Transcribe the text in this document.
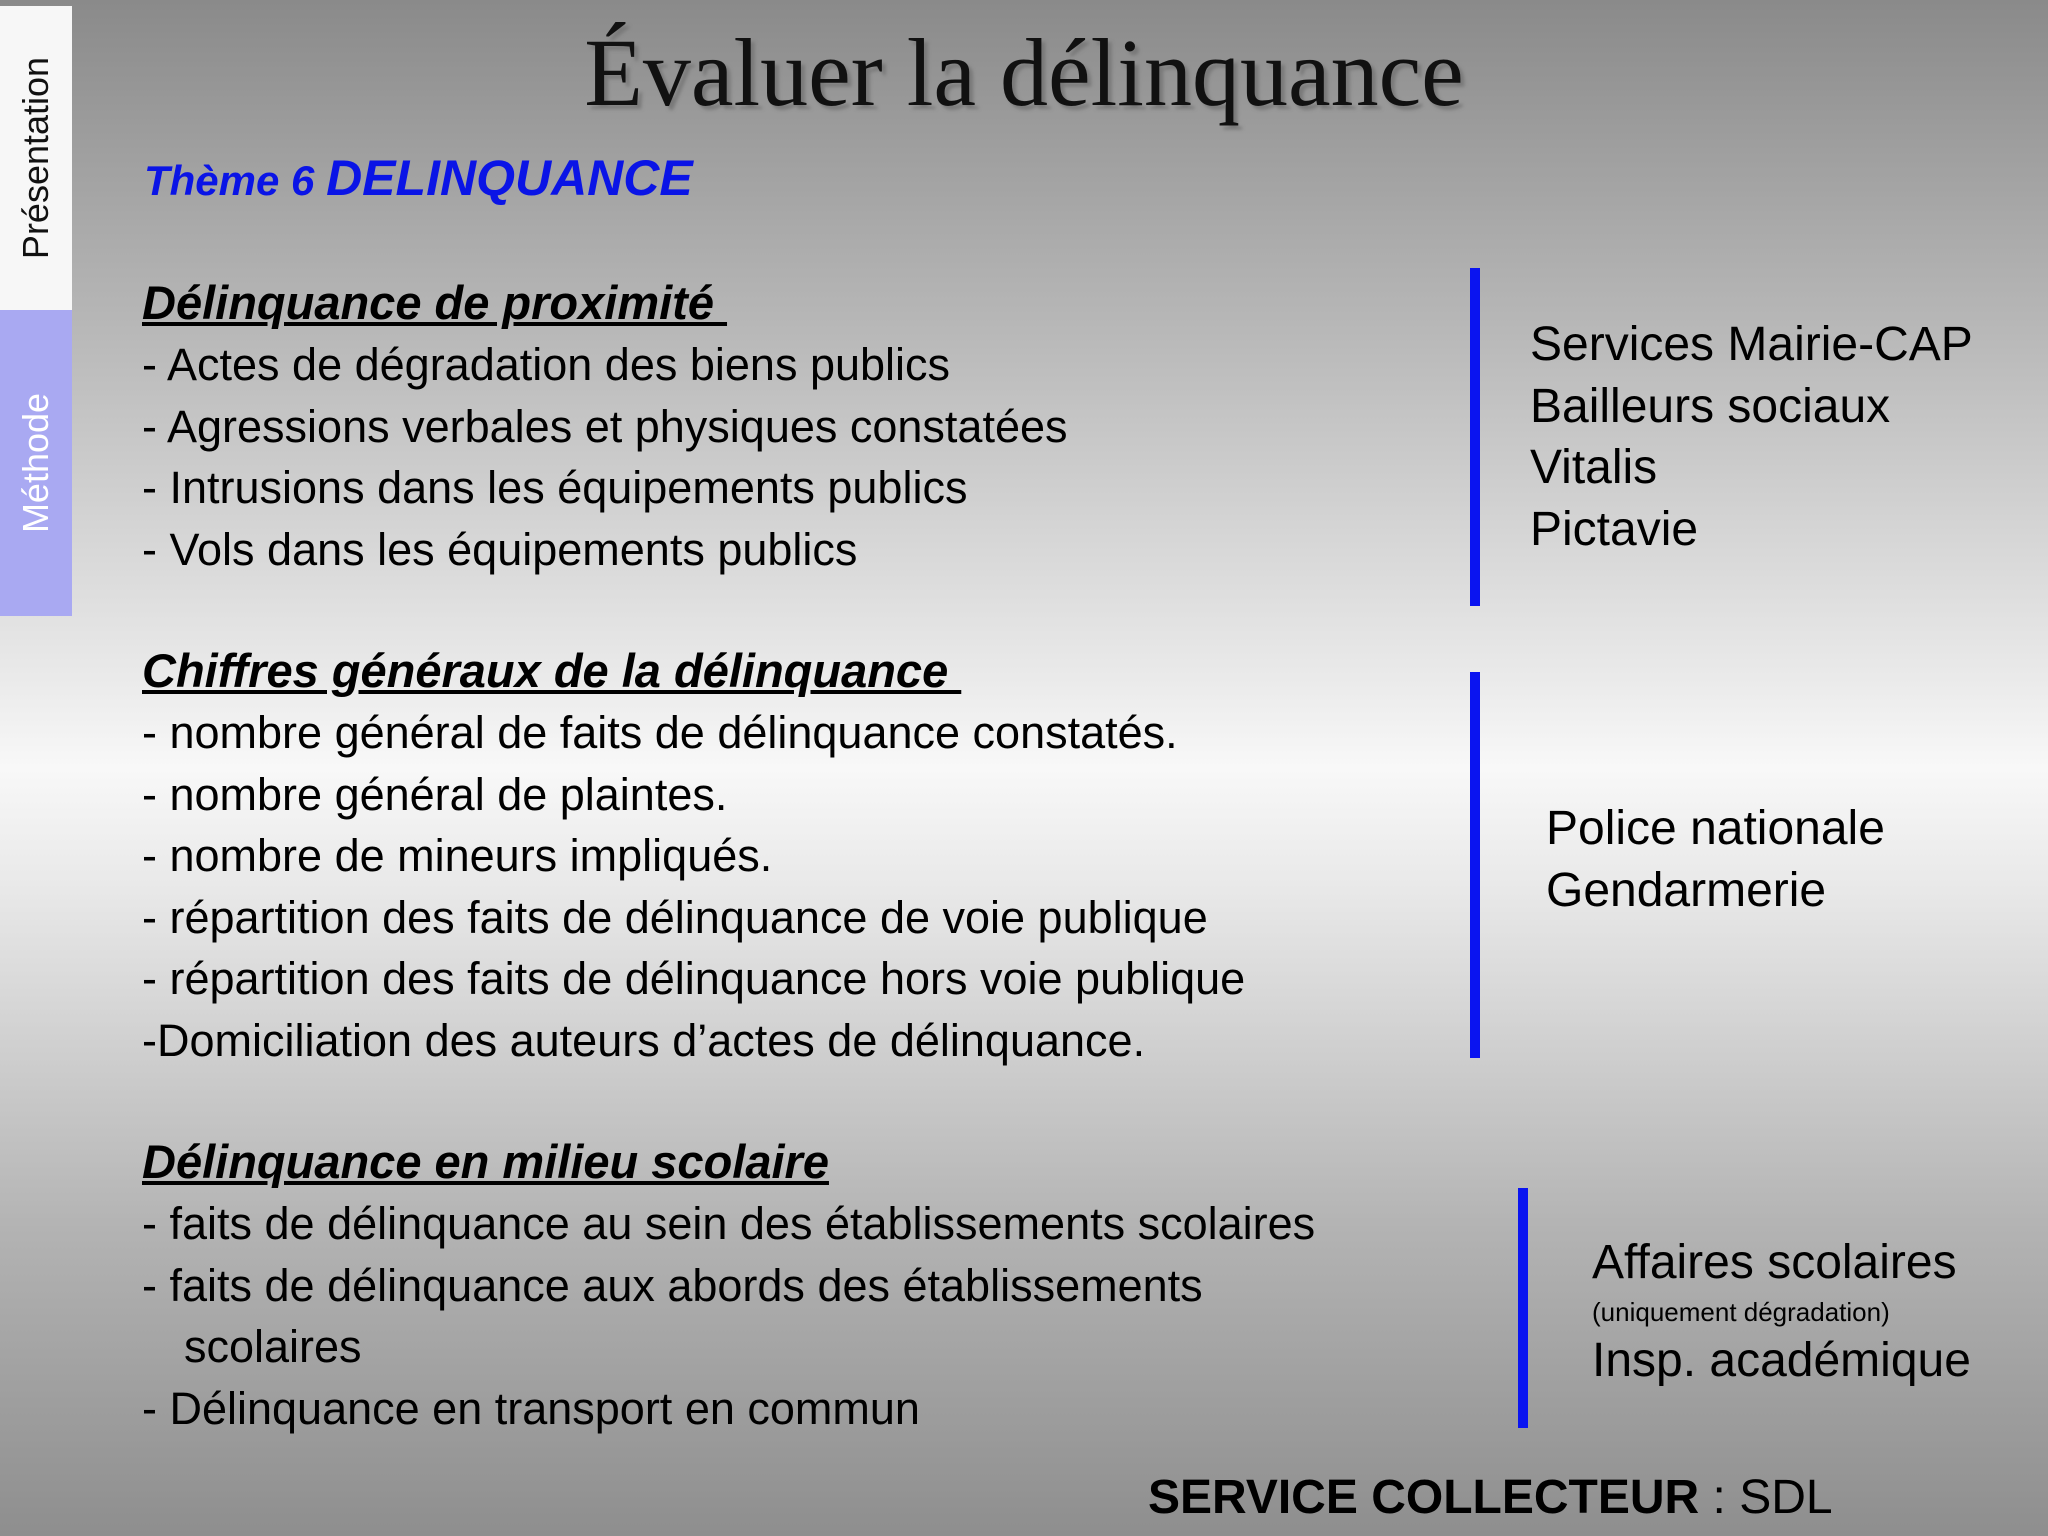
Présentation
Méthode
Évaluer la délinquance
Thème 6 DELINQUANCE
Délinquance de proximité
- Actes de dégradation des biens publics
- Agressions verbales et physiques constatées
- Intrusions dans les équipements publics
- Vols dans les équipements publics
Services Mairie-CAP
Bailleurs sociaux
Vitalis
Pictavie
Chiffres généraux de la délinquance
- nombre général de faits de délinquance constatés.
- nombre général de plaintes.
- nombre de mineurs impliqués.
- répartition des faits de délinquance de voie publique
- répartition des faits de délinquance hors voie publique
-Domiciliation des auteurs d’actes de délinquance.
Police nationale
Gendarmerie
Délinquance en milieu scolaire
- faits de délinquance au sein des établissements scolaires
- faits de délinquance aux abords des établissements
scolaires
- Délinquance en transport en commun
Affaires scolaires
(uniquement dégradation)
Insp. académique
SERVICE COLLECTEUR : SDL
